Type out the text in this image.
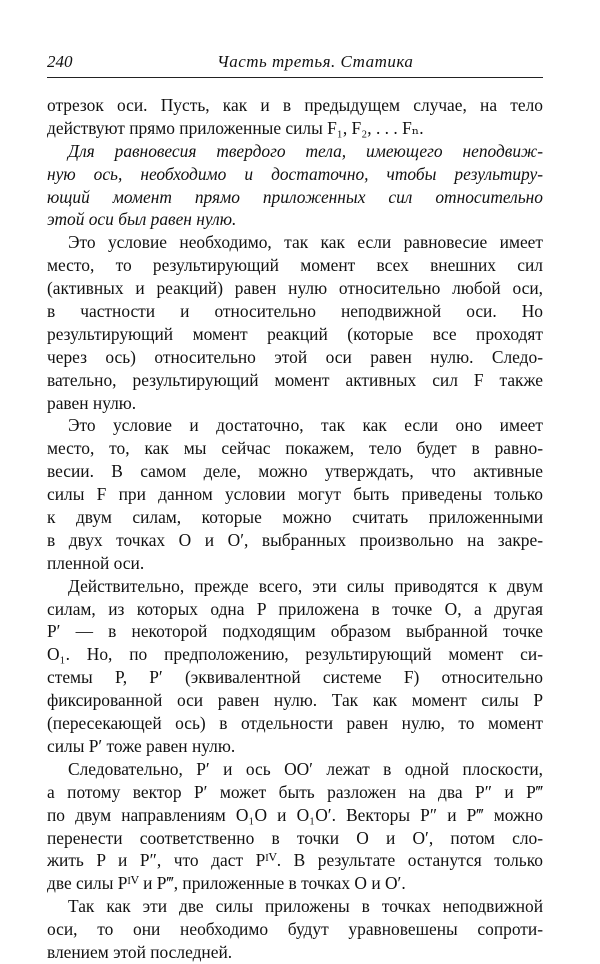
240	Часть третья. Статика
отрезок оси. Пусть, как и в предыдущем случае, на тело
действуют прямо приложенные силы F₁, F₂, . . . Fₙ.
Для равновесия твердого тела, имеющего неподвиж-
ную ось, необходимо и достаточно, чтобы результиру-
ющий момент прямо приложенных сил относительно
этой оси был равен нулю.
Это условие необходимо, так как если равновесие имеет
место, то результирующий момент всех внешних сил
(активных и реакций) равен нулю относительно любой оси,
в частности и относительно неподвижной оси. Но
результирующий момент реакций (которые все проходят
через ось) относительно этой оси равен нулю. Следо-
вательно, результирующий момент активных сил F также
равен нулю.
Это условие и достаточно, так как если оно имеет
место, то, как мы сейчас покажем, тело будет в равно-
весии. В самом деле, можно утверждать, что активные
силы F при данном условии могут быть приведены только
к двум силам, которые можно считать приложенными
в двух точках O и O′, выбранных произвольно на закре-
пленной оси.
Действительно, прежде всего, эти силы приводятся к двум
силам, из которых одна P приложена в точке O, а другая
P′ — в некоторой подходящим образом выбранной точке
O₁. Но, по предположению, результирующий момент си-
стемы P, P′ (эквивалентной системе F) относительно
фиксированной оси равен нулю. Так как момент силы P
(пересекающей ось) в отдельности равен нулю, то момент
силы P′ тоже равен нулю.
Следовательно, P′ и ось OO′ лежат в одной плоскости,
а потому вектор P′ может быть разложен на два P″ и P‴
по двум направлениям O₁O и O₁O′. Векторы P″ и P‴ можно
перенести соответственно в точки O и O′, потом сло-
жить P и P″, что даст Pᴵⱽ. В результате останутся только
две силы Pᴵⱽ и P‴, приложенные в точках O и O′.
Так как эти две силы приложены в точках неподвижной
оси, то они необходимо будут уравновешены сопроти-
влением этой последней.
